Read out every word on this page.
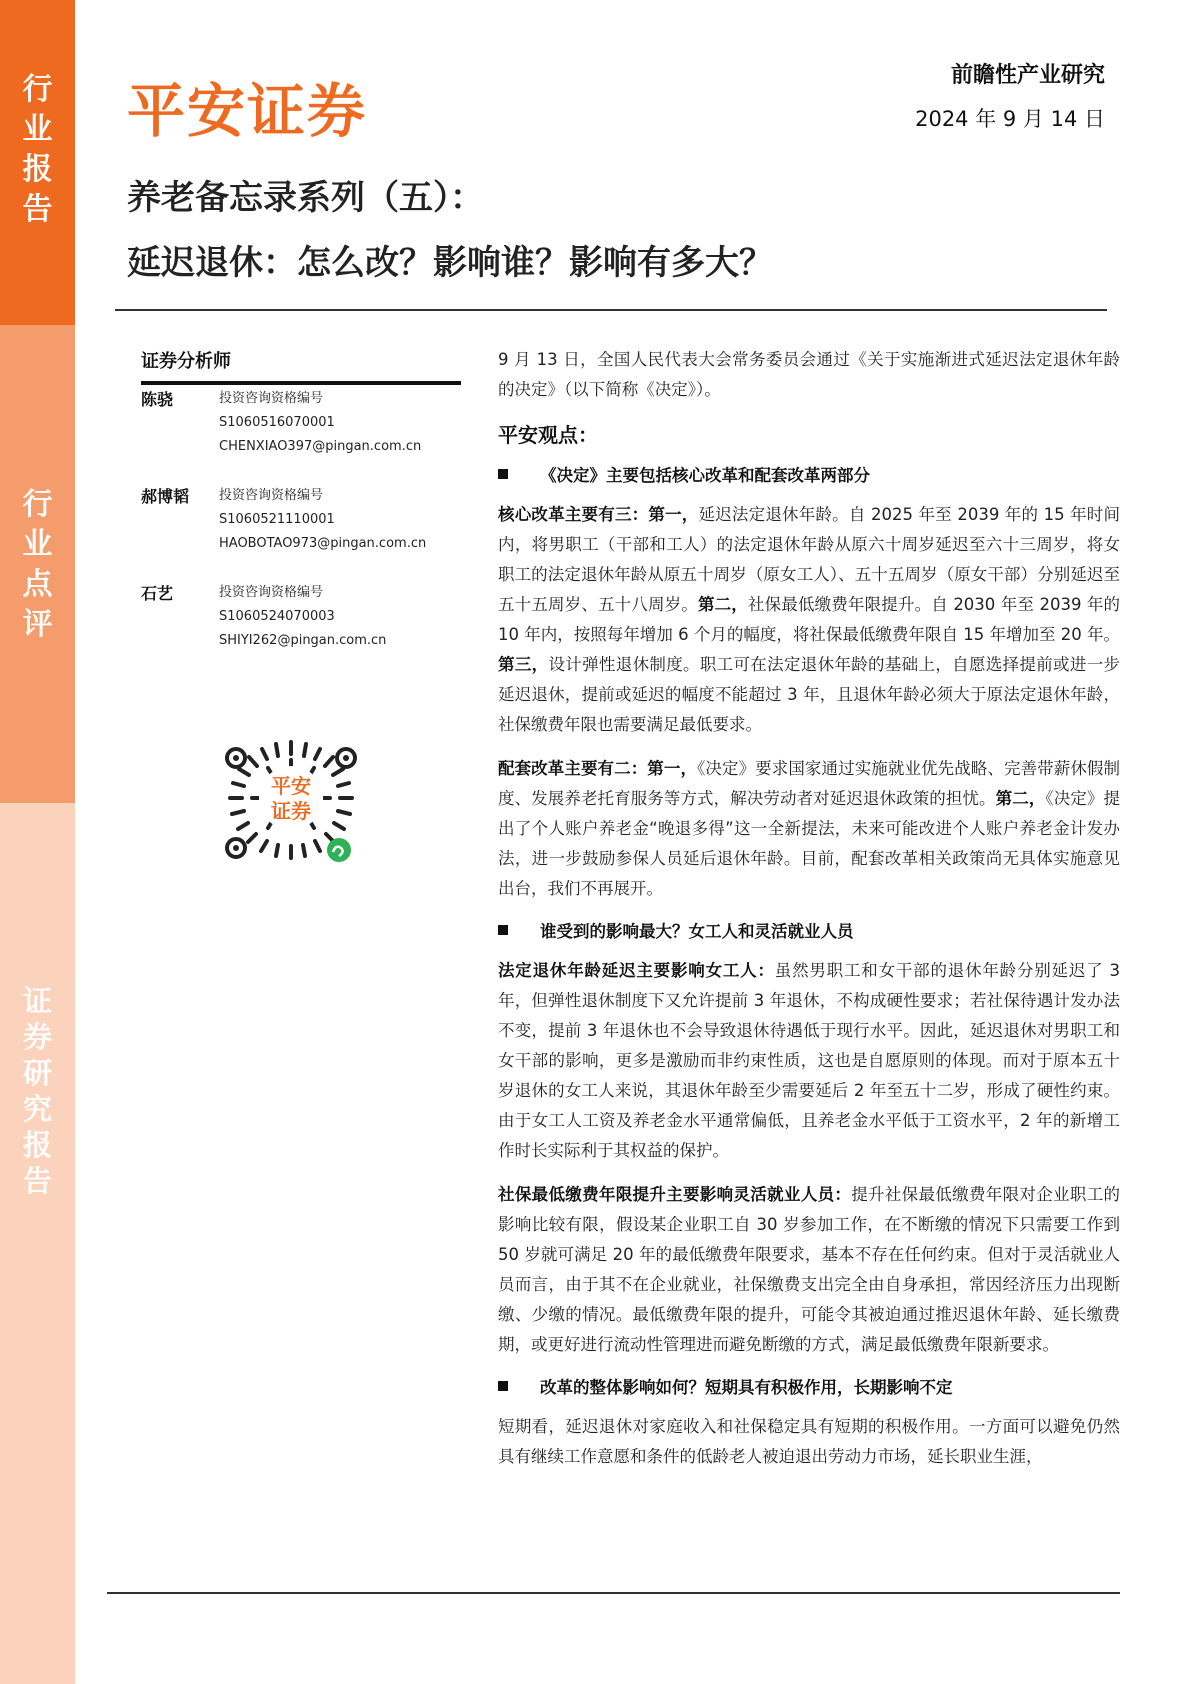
行业报告
行业点评
证券研究报告
平安证券
前瞻性产业研究
2024 年 9 月 14 日
养老备忘录系列（五）：
延迟退休：怎么改？影响谁？影响有多大？
证券分析师
陈骁	投资咨询资格编号
S1060516070001
CHENXIAO397@pingan.com.cn
郝博韬 投资咨询资格编号
S1060521110001
HAOBOTAO973@pingan.com.cn
石艺	投资咨询资格编号
S1060524070003
SHIYI262@pingan.com.cn
平安
证券

9 月 13 日，全国人民代表大会常务委员会通过《关于实施渐进式延迟法定退休年龄的决定》（以下简称《决定》）。

平安观点：
《决定》主要包括核心改革和配套改革两部分

核心改革主要有三：第一，延迟法定退休年龄。自 2025 年至 2039 年的 15 年时间内，将男职工（干部和工人）的法定退休年龄从原六十周岁延迟至六十三周岁，将女职工的法定退休年龄从原五十周岁（原女工人）、五十五周岁（原女干部）分别延迟至五十五周岁、五十八周岁。第二，社保最低缴费年限提升。自 2030 年至 2039 年的 10 年内，按照每年增加 6 个月的幅度，将社保最低缴费年限自 15 年增加至 20 年。第三，设计弹性退休制度。职工可在法定退休年龄的基础上，自愿选择提前或进一步延迟退休，提前或延迟的幅度不能超过 3 年，且退休年龄必须大于原法定退休年龄，社保缴费年限也需要满足最低要求。

配套改革主要有二：第一，《决定》要求国家通过实施就业优先战略、完善带薪休假制度、发展养老托育服务等方式，解决劳动者对延迟退休政策的担忧。第二，《决定》提出了个人账户养老金“晚退多得”这一全新提法，未来可能改进个人账户养老金计发办法，进一步鼓励参保人员延后退休年龄。目前，配套改革相关政策尚无具体实施意见出台，我们不再展开。

谁受到的影响最大？女工人和灵活就业人员

法定退休年龄延迟主要影响女工人：虽然男职工和女干部的退休年龄分别延迟了 3 年，但弹性退休制度下又允许提前 3 年退休，不构成硬性要求；若社保待遇计发办法不变，提前 3 年退休也不会导致退休待遇低于现行水平。因此，延迟退休对男职工和女干部的影响，更多是激励而非约束性质，这也是自愿原则的体现。而对于原本五十岁退休的女工人来说，其退休年龄至少需要延后 2 年至五十二岁，形成了硬性约束。由于女工人工资及养老金水平通常偏低，且养老金水平低于工资水平，2 年的新增工作时长实际利于其权益的保护。

社保最低缴费年限提升主要影响灵活就业人员：提升社保最低缴费年限对企业职工的影响比较有限，假设某企业职工自 30 岁参加工作，在不断缴的情况下只需要工作到 50 岁就可满足 20 年的最低缴费年限要求，基本不存在任何约束。但对于灵活就业人员而言，由于其不在企业就业，社保缴费支出完全由自身承担，常因经济压力出现断缴、少缴的情况。最低缴费年限的提升，可能令其被迫通过推迟退休年龄、延长缴费期，或更好进行流动性管理进而避免断缴的方式，满足最低缴费年限新要求。

改革的整体影响如何？短期具有积极作用，长期影响不定

短期看，延迟退休对家庭收入和社保稳定具有短期的积极作用。一方面可以避免仍然具有继续工作意愿和条件的低龄老人被迫退出劳动力市场，延长职业生涯，
